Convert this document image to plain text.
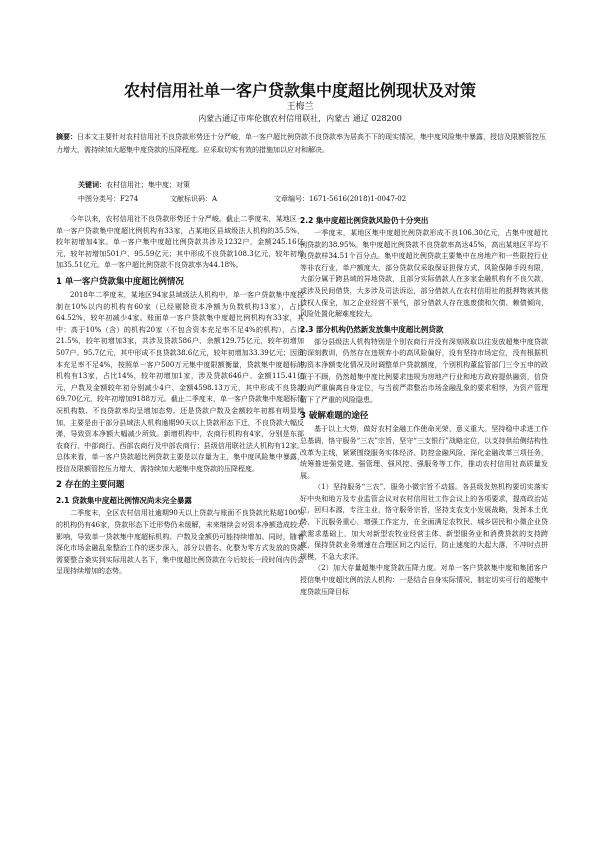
农村信用社单一客户贷款集中度超比例现状及对策
王梅兰
内蒙古通辽市库伦旗农村信用联社，内蒙古 通辽 028200
摘要：日本文主要针对农村信用社不良贷款形势还十分严峻，单一客户超比例贷款不良贷款率为居高不下的现实情况，集中度风险集中暴露，授信及限额管控压力增大，需持续加大超集中度贷款的压降程度。应采取切实有效的措施加以应对和解决。
关键词：农村信用社；集中度；对策
中图分类号：F274	文献标识码：A	文章编号：1671-5616(2018)1-0047-02

今年以来，农村信用社不良贷款形势还十分严峻。截止二季度末，某地区一单一客户贷款集中度超比例机构有33家，占某地区县域级法人机构的35.5%，较年初增加4家。单一客户集中度超比例贷款共涉及1232户，金额245.16亿元，较年初增加501户、95.59亿元；其中形成不良贷款108.3亿元，较年初增加35.51亿元。单一客户超比例贷款不良贷款率为44.18%。

1 单一客户贷款集中度超比例情况

2018年二季度末，某地区94家县域级法人机构中，单一客户贷款集中度控制在10%以内的机构有60家（已经剔除资本净额为负数机构13家），占比64.52%，较年初减少4家。账面单一客户贷款集中度超比例机构有33家，其中：高于10%（含）的机构20家（不包含资本充足率不足4%的机构），占比21.5%，较年初增加3家，共涉及贷款586户、余额129.75亿元，较年初增加507户、95.7亿元，其中形成不良贷款38.6亿元，较年初增加33.39亿元；因资本充足率不足4%，按照单一客户500万元集中度限额衡量，贷款集中度超标的机构有13家，占比14%，较年初增加1家，涉及贷款646户、金额115.41亿元，户数及金额较年初分别减少4户、金额4598.13万元，其中形成不良贷款69.70亿元，较年初增加9188万元。截止二季度末，单一客户贷款集中度超标情况机构数、不良贷款率均呈增加态势。还是贷款户数及金额较年初都有明显增加，主要是由于部分县域法人机构逾期90天以上贷款形态下迁，不良贷款大幅反弹，导致资本净额大幅减少所致。新增机构中，农商行机构有4家，分别是东部农商行、中部商行、西部农商行及中部农商行；县级信用联社法人机构有12家。总体来看，单一客户贷款超比例贷款主要是以存量为主，集中度风险集中暴露，授信及限额管控压力增大，需持续加大超集中度贷款的压降程度。

2 存在的主要问题
2.1 贷款集中度超比例情况尚未完全暴露

二季度末，全区农村信用社逾期90天以上贷款与账面不良贷款比粘超100%的机构仍有46家，贷款形态下迁形势仍未缓解，未来继续会对资本净额造成较大影响，导致单一贷款集中度超标机构、户数及金额仍可能持续增加。同时，随着深化市场金融乱象整治工作的逐步深入，部分以借名、化整为零方式发放的贷款需要整合桑实到实际用款人名下，集中度超比例贷款在今后较长一段时间内仍会呈现持续增加的态势。

2.2 集中度超比例贷款风险仍十分突出

一季度末，某地区集中度超比例贷款形成不良106.30亿元，占集中度超比例贷款的38.95%。集中度超比例贷款不良贷款率高达45%，高出某地区平均不良贷款样34.51个百分点。集中度超比例贷款主要集中在房地产和一些限控行业等非农行业，单户额度大，部分贷款仅采取保证担保方式，风险保障手段有限，大部分属于跨县域的异地贷款，且部分实际借款人在多家金融机构有不良欠款，或涉及民间借贷，大多涉及司法诉讼，部分借款人在农村信用社的抵押物被其他债权人保全，加之企业经营不景气，部分借款人存在逃废债和欠债、赖债倾向，风险处置化解难度较大。

2.3 部分机构仍然新发放集中度超比例贷款

部分县级法人机构特别是个别农商行并没有深刻吸取以往发放超集中度贷款的深刻教训，仍然存在违规弃小的高风险偏好，没有坚持市场定位，没有根据机构资本净额变化情况及时调整单户贷款额度，个别机构董监管部门三令五申的政策于不顾，仍然超集中度比例要求违规为房地产行业和地方政府提供融资，信贷投向严重偏离自身定位，与当前严肃整治市场金融乱象的要求相悖，为资产管理留下了严重的风险隐患。

3 破解难题的途径

基于以上大势，做好农村金融工作使命光荣、意义重大。坚持稳中求进工作总基调，恪守服务“三农”宗旨，坚守“三支银行”战略定位，以支持供给侧结构性改革为主线，紧紧围绕服务实体经济、防控金融风险、深化金融改革三项任务，统筹推进强党建、强管理、强风控、强服务等工作，推动农村信用社高质量发展。

（1）坚持服务“三农”、服务小微宗旨不动摇。各县级发热机构要切实落实好中央和地方及专业监管会议对农村信用社工作会议上的各项要求，提高政治站位，回归本源，专注主业，恪守服务宗旨，坚持支农支小发展战略，发挥本土优势，下沉服务重心，增强工作定力，在全面满足农牧民、城乡居民和小微企业贷款需求基础上，加大对新型农牧业经营主体、新型服务业和消费贷款的支持跨度，保持贷款业务增速在合理区间之内运行，防止速度的大起大落，不冲时点拼规模，不急大求洋。

（2）加大存量超集中度贷款压降力度。对单一客户贷款集中度和集团客户授信集中度超比例的法人机构：一是结合自身实际情况，制定切实可行的超集中度贷款压降目标
